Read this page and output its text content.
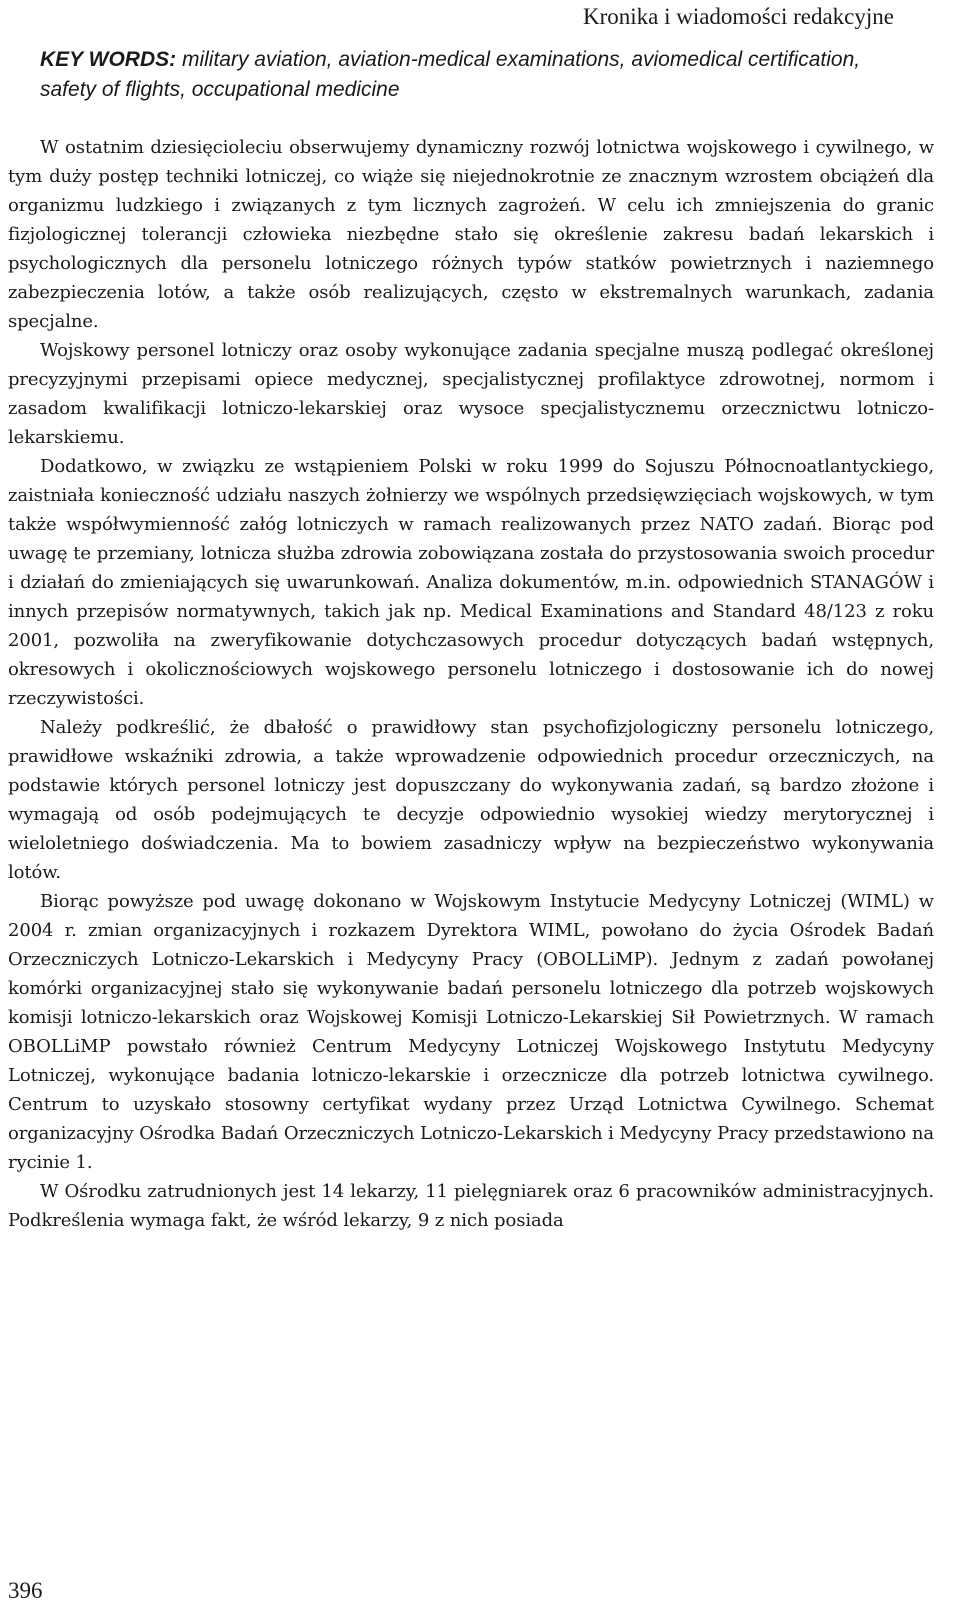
Kronika i wiadomości redakcyjne
KEY WORDS: military aviation, aviation-medical examinations, aviomedical certification, safety of flights, occupational medicine

W ostatnim dziesięcioleciu obserwujemy dynamiczny rozwój lotnictwa wojskowego i cywilnego, w tym duży postęp techniki lotniczej, co wiąże się niejednokrotnie ze znacznym wzrostem obciążeń dla organizmu ludzkiego i związanych z tym licznych zagrożeń. W celu ich zmniejszenia do granic fizjologicznej tolerancji człowieka niezbędne stało się określenie zakresu badań lekarskich i psychologicznych dla personelu lotniczego różnych typów statków powietrznych i naziemnego zabezpieczenia lotów, a także osób realizujących, często w ekstremalnych warunkach, zadania specjalne.

Wojskowy personel lotniczy oraz osoby wykonujące zadania specjalne muszą podlegać określonej precyzyjnymi przepisami opiece medycznej, specjalistycznej profilaktyce zdrowotnej, normom i zasadom kwalifikacji lotniczo-lekarskiej oraz wysoce specjalistycznemu orzecznictwu lotniczo-lekarskiemu.

Dodatkowo, w związku ze wstąpieniem Polski w roku 1999 do Sojuszu Północnoatlantyckiego, zaistniała konieczność udziału naszych żołnierzy we wspólnych przedsięwzięciach wojskowych, w tym także współwymienność załóg lotniczych w ramach realizowanych przez NATO zadań. Biorąc pod uwagę te przemiany, lotnicza służba zdrowia zobowiązana została do przystosowania swoich procedur i działań do zmieniających się uwarunkowań. Analiza dokumentów, m.in. odpowiednich STANAGÓW i innych przepisów normatywnych, takich jak np. Medical Examinations and Standard 48/123 z roku 2001, pozwoliła na zweryfikowanie dotychczasowych procedur dotyczących badań wstępnych, okresowych i okolicznościowych wojskowego personelu lotniczego i dostosowanie ich do nowej rzeczywistości.

Należy podkreślić, że dbałość o prawidłowy stan psychofizjologiczny personelu lotniczego, prawidłowe wskaźniki zdrowia, a także wprowadzenie odpowiednich procedur orzeczniczych, na podstawie których personel lotniczy jest dopuszczany do wykonywania zadań, są bardzo złożone i wymagają od osób podejmujących te decyzje odpowiednio wysokiej wiedzy merytorycznej i wieloletniego doświadczenia. Ma to bowiem zasadniczy wpływ na bezpieczeństwo wykonywania lotów.

Biorąc powyższe pod uwagę dokonano w Wojskowym Instytucie Medycyny Lotniczej (WIML) w 2004 r. zmian organizacyjnych i rozkazem Dyrektora WIML, powołano do życia Ośrodek Badań Orzeczniczych Lotniczo-Lekarskich i Medycyny Pracy (OBOLLiMP). Jednym z zadań powołanej komórki organizacyjnej stało się wykonywanie badań personelu lotniczego dla potrzeb wojskowych komisji lotniczo-lekarskich oraz Wojskowej Komisji Lotniczo-Lekarskiej Sił Powietrznych. W ramach OBOLLiMP powstało również Centrum Medycyny Lotniczej Wojskowego Instytutu Medycyny Lotniczej, wykonujące badania lotniczo-lekarskie i orzecznicze dla potrzeb lotnictwa cywilnego. Centrum to uzyskało stosowny certyfikat wydany przez Urząd Lotnictwa Cywilnego. Schemat organizacyjny Ośrodka Badań Orzeczniczych Lotniczo-Lekarskich i Medycyny Pracy przedstawiono na rycinie 1.

W Ośrodku zatrudnionych jest 14 lekarzy, 11 pielęgniarek oraz 6 pracowników administracyjnych. Podkreślenia wymaga fakt, że wśród lekarzy, 9 z nich posiada

396
